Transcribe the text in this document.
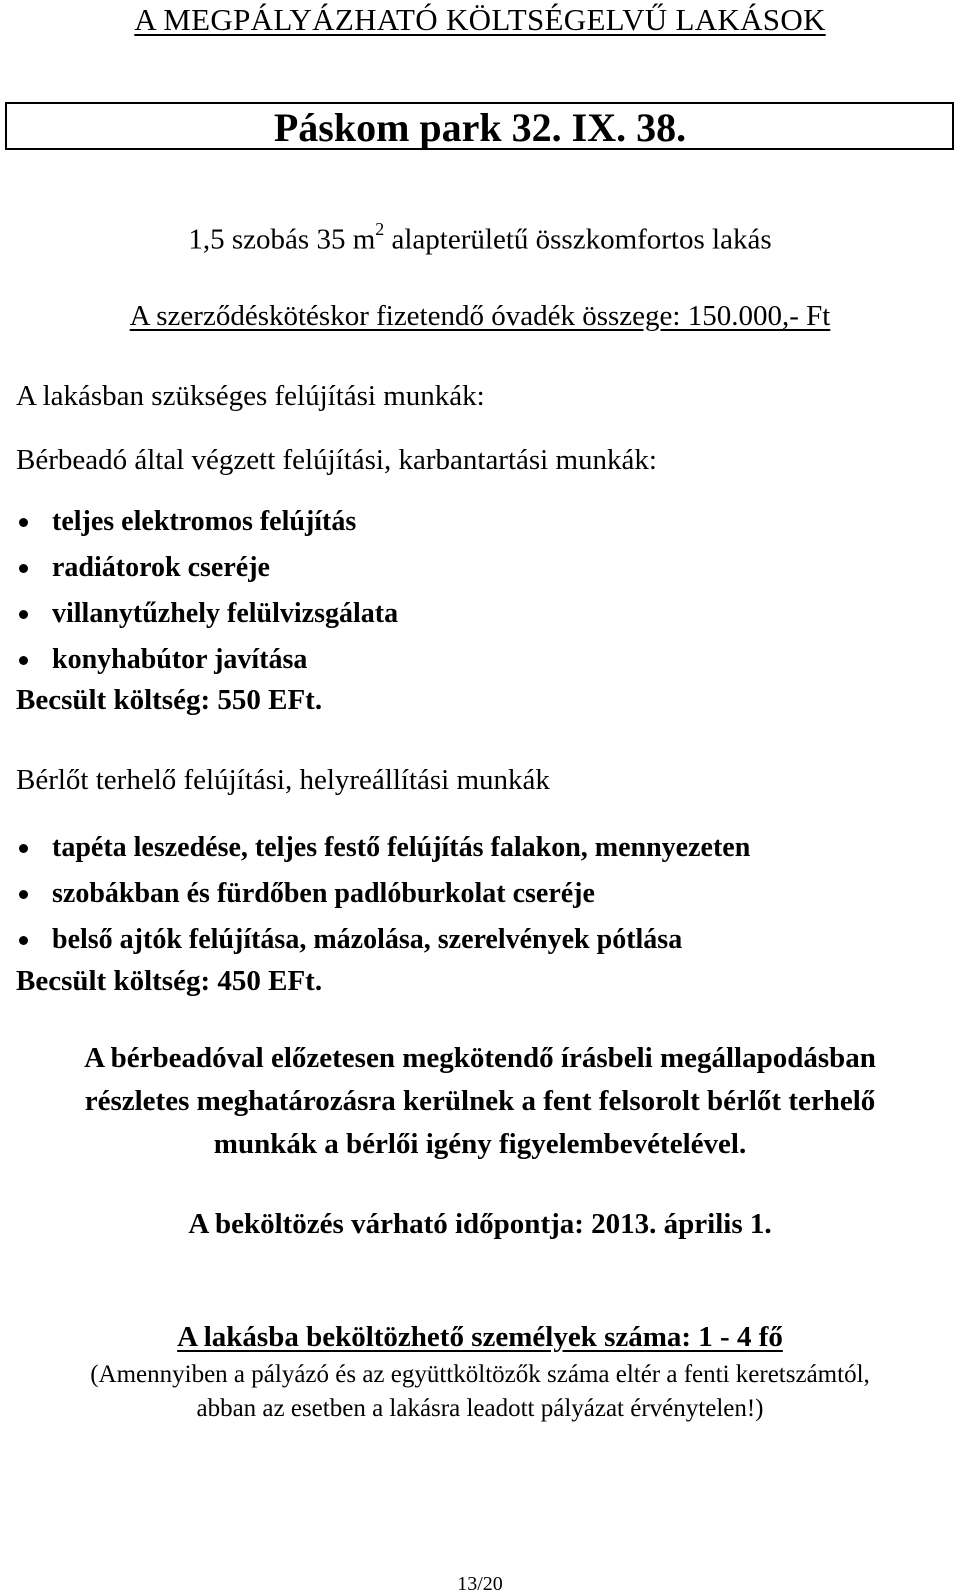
A MEGPÁLYÁZHATÓ KÖLTSÉGELVŰ LAKÁSOK
Páskom park 32. IX. 38.
1,5 szobás 35 $m^2$ alapterületű összkomfortos lakás
A szerződéskötéskor fizetendő óvadék összege: 150.000,- Ft
A lakásban szükséges felújítási munkák:
Bérbeadó által végzett felújítási, karbantartási munkák:
teljes elektromos felújítás
radiátorok cseréje
villanytűzhely felülvizsgálata
konyhabútor javítása
Becsült költség: 550 EFt.
Bérlőt terhelő felújítási, helyreállítási munkák
tapéta leszedése, teljes festő felújítás falakon, mennyezeten
szobákban és fürdőben padlóburkolat cseréje
belső ajtók felújítása, mázolása, szerelvények pótlása
Becsült költség: 450 EFt.
A bérbeadóval előzetesen megkötendő írásbeli megállapodásban
részletes meghatározásra kerülnek a fent felsorolt bérlőt terhelő
munkák a bérlői igény figyelembevételével.
A beköltözés várható időpontja: 2013. április 1.
A lakásba beköltözhető személyek száma: 1 - 4 fő
(Amennyiben a pályázó és az együttköltözők száma eltér a fenti keretszámtól,
abban az esetben a lakásra leadott pályázat érvénytelen!)
13/20
